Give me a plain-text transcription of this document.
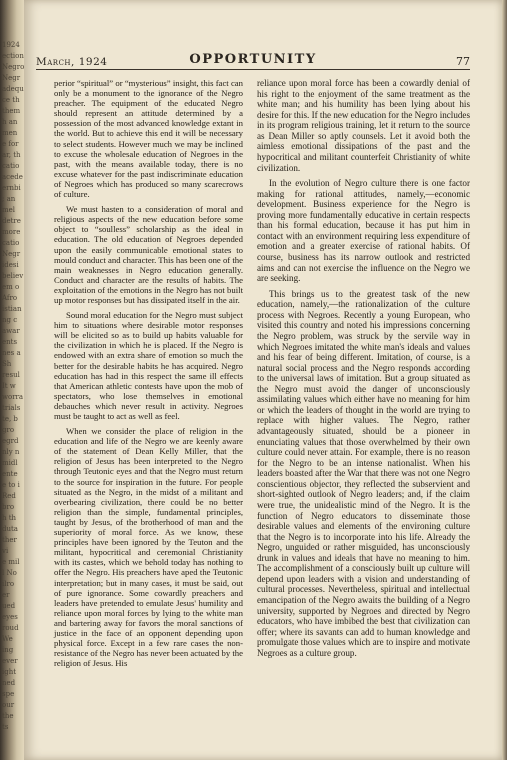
1924
ection
Negro
Negr
adequ
ce th
them
h an
men
e for
ar, th
catio
acede
ernbi
; an
mel
detre
more
catio
Negr
idesi
believ
em o
Afro
istian
ng c
awar
ents
nes a
Sh
resul
It w
worra
trials
te, b
gro
egrd
nly n
midl
ente
e to i
Red
bro
h th
duta
ther
vi
e mil
l No
ilro
er
ued
eyes
roud
We
ing
ever
ight
ned
spe
our
the
ts
March, 1924	OPPORTUNITY	77

perior “spiritual” or “mysterious” insight, this fact can only be a monument to the ignorance of the Negro preacher. The equipment of the educated Negro should represent an attitude determined by a possession of the most advanced knowledge extant in the world. But to achieve this end it will be necessary to select students. However much we may be inclined to excuse the wholesale education of Negroes in the past, with the means available today, there is no excuse whatever for the past indiscriminate education of Negroes which has produced so many scarecrows of culture.

We must hasten to a consideration of moral and religious aspects of the new education before some object to “soulless” scholarship as the ideal in education. The old education of Negroes depended upon the easily communicable emotional states to mould conduct and character. This has been one of the main weaknesses in Negro education generally. Conduct and character are the results of habits. The exploitation of the emotions in the Negro has not built up motor responses but has dissipated itself in the air.

Sound moral education for the Negro must subject him to situations where desirable motor responses will be elicited so as to build up habits valuable for the civilization in which he is placed. If the Negro is endowed with an extra share of emotion so much the better for the desirable habits he has acquired. Negro education has had in this respect the same ill effects that American athletic contests have upon the mob of spectators, who lose themselves in emotional debauches which never result in activity. Negroes must be taught to act as well as feel.

When we consider the place of religion in the education and life of the Negro we are keenly aware of the statement of Dean Kelly Miller, that the religion of Jesus has been interpreted to the Negro through Teutonic eyes and that the Negro must return to the source for inspiration in the future. For people situated as the Negro, in the midst of a militant and overbearing civilization, there could be no better religion than the simple, fundamental principles, taught by Jesus, of the brotherhood of man and the superiority of moral force. As we know, these principles have been ignored by the Teuton and the militant, hypocritical and ceremonial Christianity with its castes, which we behold today has nothing to offer the Negro. His preachers have aped the Teutonic interpretation; but in many cases, it must be said, out of pure ignorance. Some cowardly preachers and leaders have pretended to emulate Jesus' humility and reliance upon moral forces by lying to the white man and bartering away for favors the moral sanctions of justice in the face of an opponent depending upon physical force. Except in a few rare cases the non-resistance of the Negro has never been actuated by the religion of Jesus. His

reliance upon moral force has been a cowardly denial of his right to the enjoyment of the same treatment as the white man; and his humility has been lying about his desire for this. If the new education for the Negro includes in its program religious training, let it return to the source as Dean Miller so aptly counsels. Let it avoid both the aimless emotional dissipations of the past and the hypocritical and militant counterfeit Christianity of white civilization.

In the evolution of Negro culture there is one factor making for rational attitudes, namely,—economic development. Business experience for the Negro is proving more fundamentally educative in certain respects than his formal education, because it has put him in contact with an environment requiring less expenditure of emotion and a greater exercise of rational habits. Of course, business has its narrow outlook and restricted aims and can not exercise the influence on the Negro we are seeking.

This brings us to the greatest task of the new education, namely,—the rationalization of the culture process with Negroes. Recently a young European, who visited this country and noted his impressions concerning the Negro problem, was struck by the servile way in which Negroes imitated the white man's ideals and values and his fear of being different. Imitation, of course, is a natural social process and the Negro responds according to the universal laws of imitation. But a group situated as the Negro must avoid the danger of unconsciously assimilating values which either have no meaning for him or which the leaders of thought in the world are trying to replace with higher values. The Negro, rather advantageously situated, should be a pioneer in enunciating values that those overwhelmed by their own culture could never attain. For example, there is no reason for the Negro to be an intense nationalist. When his leaders boasted after the War that there was not one Negro conscientious objector, they reflected the subservient and short-sighted outlook of Negro leaders; and, if the claim were true, the unidealistic mind of the Negro. It is the function of Negro educators to disseminate those desirable values and elements of the environing culture that the Negro is to incorporate into his life. Already the Negro, unguided or rather misguided, has unconsciously drunk in values and ideals that have no meaning to him. The accomplishment of a consciously built up culture will depend upon leaders with a vision and understanding of cultural processes. Nevertheless, spiritual and intellectual emancipation of the Negro awaits the building of a Negro university, supported by Negroes and directed by Negro educators, who have imbibed the best that civilization can offer; where its savants can add to human knowledge and promulgate those values which are to inspire and motivate Negroes as a culture group.
